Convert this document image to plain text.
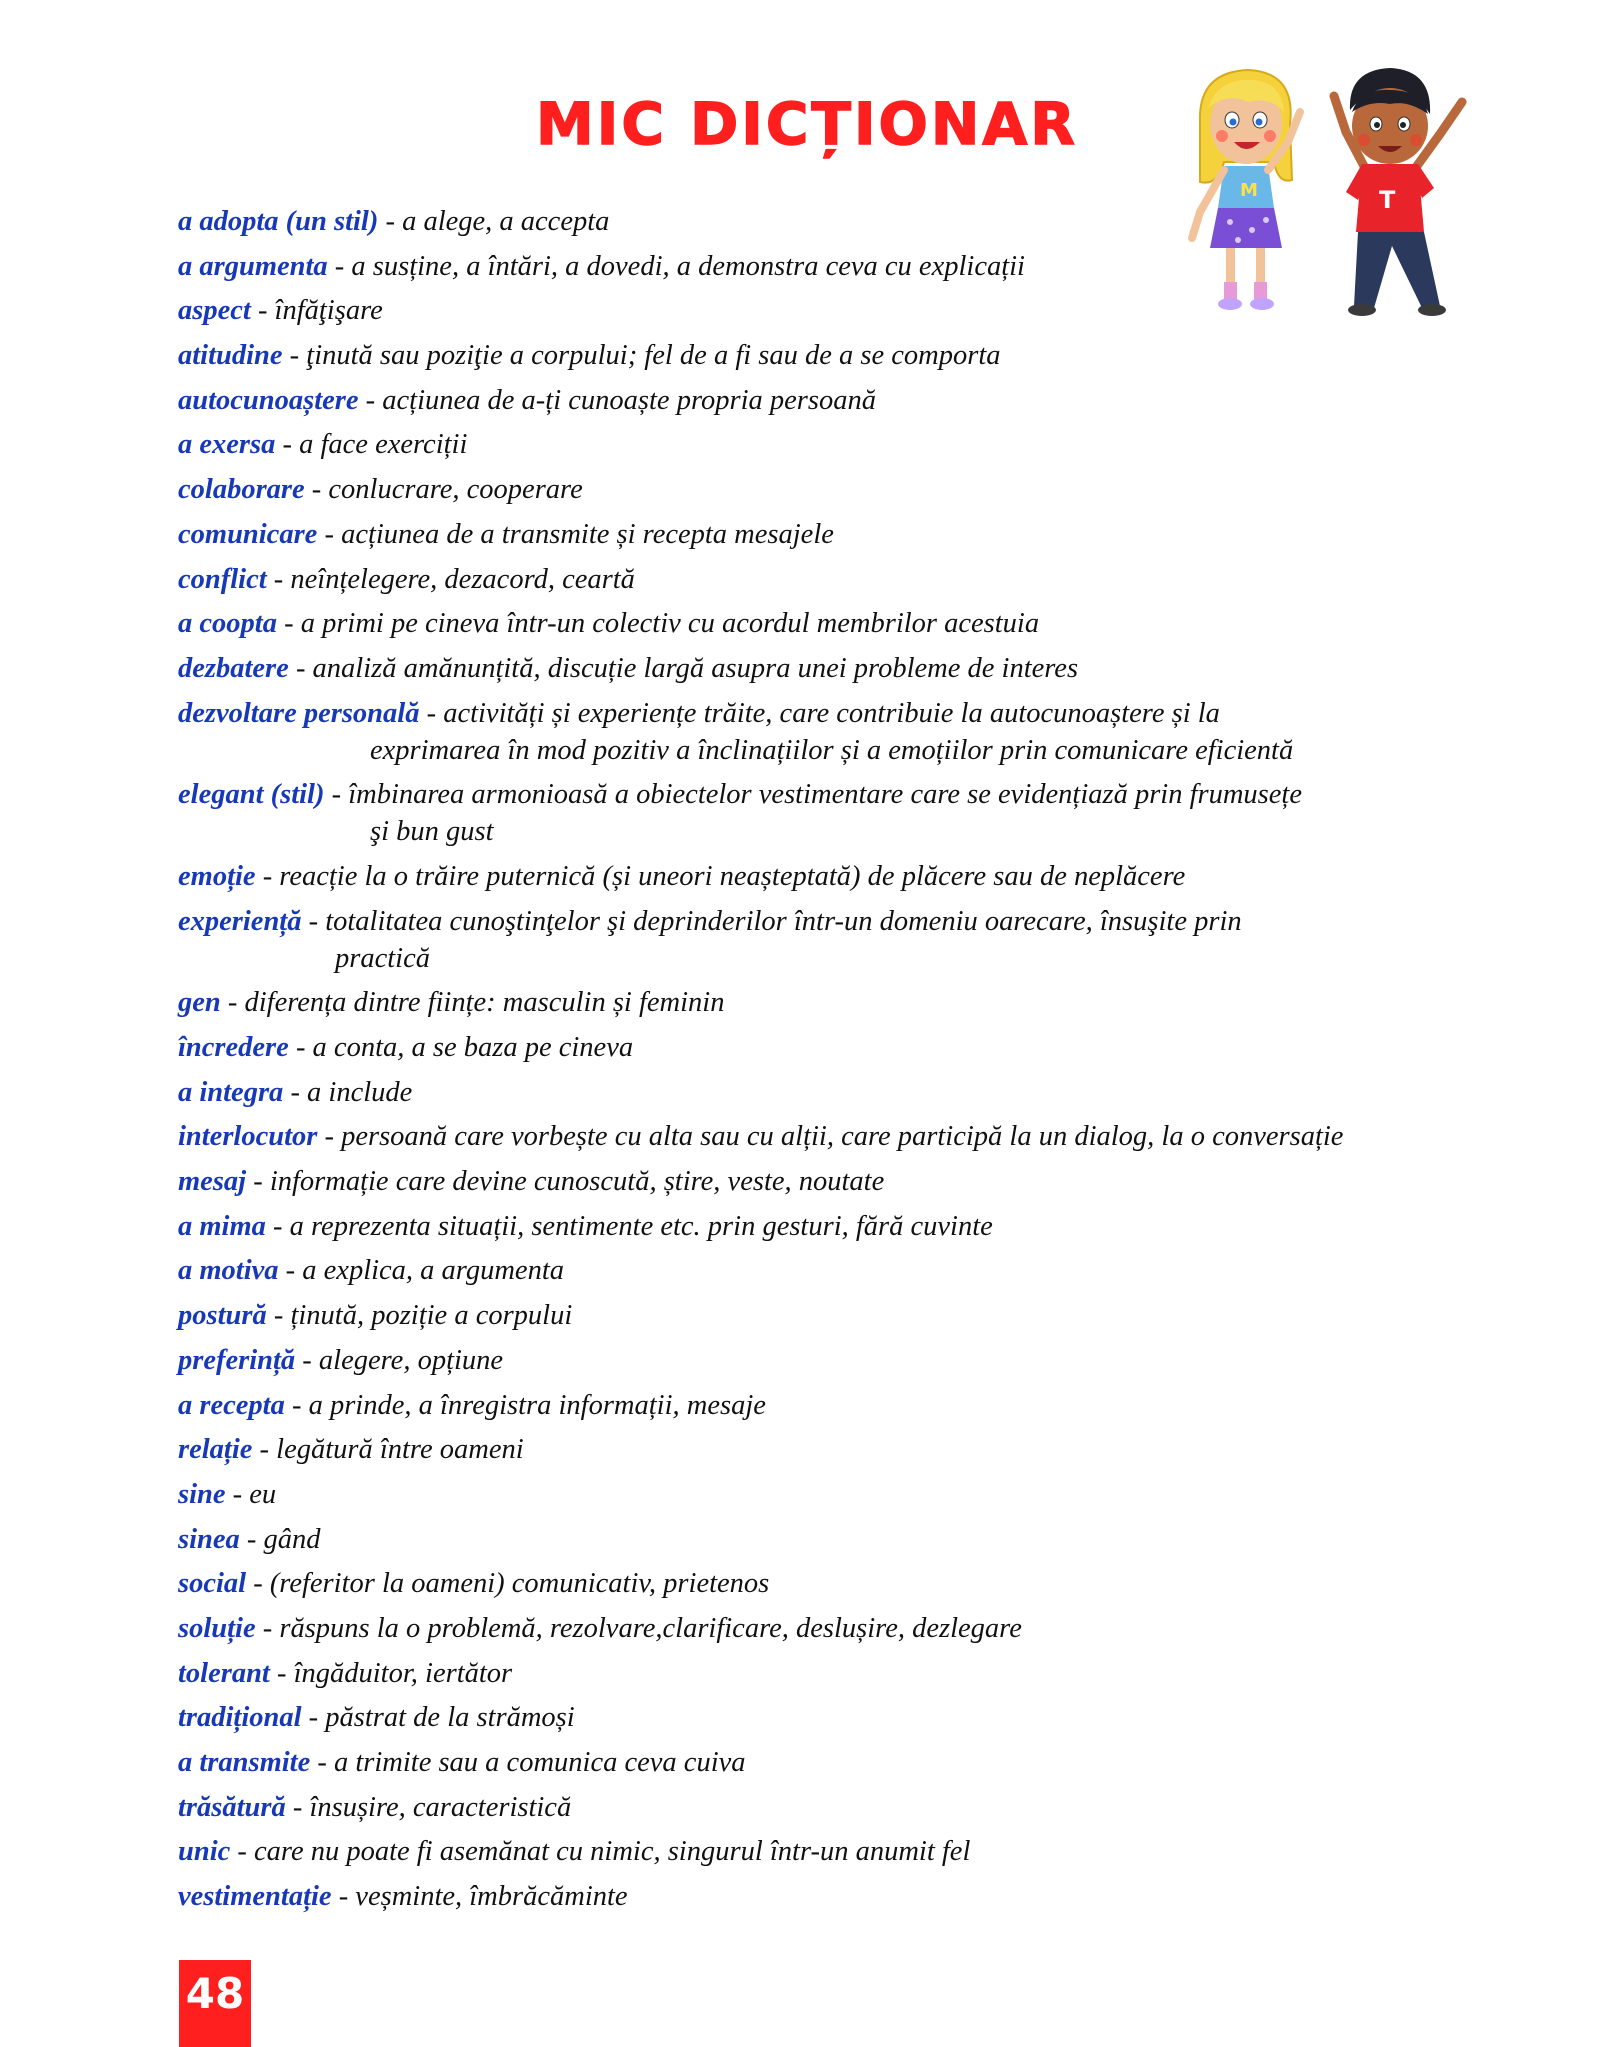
MIC DICȚIONAR
M	T
a adopta (un stil) - a alege, a accepta
a argumenta - a susține, a întări, a dovedi, a demonstra ceva cu explicații
aspect - înfăţişare
atitudine - ţinută sau poziţie a corpului; fel de a fi sau de a se comporta
autocunoaștere - acțiunea de a-ți cunoaște propria persoană
a exersa - a face exerciții
colaborare - conlucrare, cooperare
comunicare - acțiunea de a transmite și recepta mesajele
conflict - neînțelegere, dezacord, ceartă
a coopta - a primi pe cineva într-un colectiv cu acordul membrilor acestuia
dezbatere - analiză amănunțită, discuție largă asupra unei probleme de interes
dezvoltare personală - activități și experiențe trăite, care contribuie la autocunoaștere și la
exprimarea în mod pozitiv a înclinațiilor și a emoțiilor prin comunicare eficientă
elegant (stil) - îmbinarea armonioasă a obiectelor vestimentare care se evidențiază prin frumusețe
şi bun gust
emoție - reacție la o trăire puternică (și uneori neașteptată) de plăcere sau de neplăcere
experiență - totalitatea cunoştinţelor şi deprinderilor într-un domeniu oarecare, însuşite prin
practică
gen - diferența dintre ființe: masculin și feminin
încredere - a conta, a se baza pe cineva
a integra - a include
interlocutor - persoană care vorbește cu alta sau cu alții, care participă la un dialog, la o conversație
mesaj - informație care devine cunoscută, știre, veste, noutate
a mima - a reprezenta situații, sentimente etc. prin gesturi, fără cuvinte
a motiva - a explica, a argumenta
postură - ținută, poziție a corpului
preferință - alegere, opțiune
a recepta - a prinde, a înregistra informații, mesaje
relație - legătură între oameni
sine - eu
sinea - gând
social - (referitor la oameni) comunicativ, prietenos
soluție - răspuns la o problemă, rezolvare,clarificare, deslușire, dezlegare
tolerant - îngăduitor, iertător
tradițional - păstrat de la strămoși
a transmite - a trimite sau a comunica ceva cuiva
trăsătură - însușire, caracteristică
unic - care nu poate fi asemănat cu nimic, singurul într-un anumit fel
vestimentație - veșminte, îmbrăcăminte
48
